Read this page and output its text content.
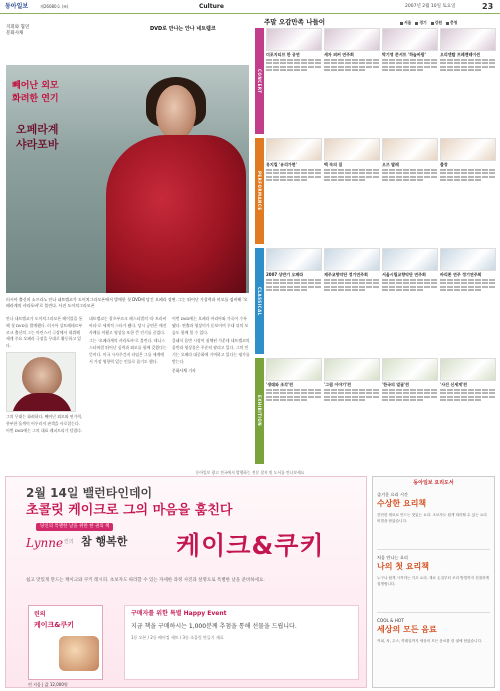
동아일보	제26080호 (④)	Culture	2007년 2월 10일 토요일	23
지휘와 협연
문화사채
DVD로 만나는 안나 네트렙코
빼어난 외모
화려한 연기
오페라계
샤라포바
러시아 출신의 소프라노 안나 네트렙코가 도이치그라모폰에서 발매한 첫 DVD에 담긴 오페라 장면. 그는 뛰어난 가창력과 미모를 겸비해 '오페라계의 샤라포바'로 불린다. 사진 도이치그라모폰

안나 네트렙코가 도이치그라모폰 레이블을 통해 첫 DVD를 발매했다. 러시아 상트페테르부르크 출신의 그는 마린스키 극장에서 데뷔해 세계 주요 오페라 극장을 무대로 활동하고 있다.

그의 무대는 화려하다. 빼어난 외모와 연기력, 풍부한 음색이 어우러져 관객을 사로잡는다. 이번 DVD에는 그의 대표 레퍼토리가 담겼다.

네트렙코는 잘츠부르크 페스티벌의 '라 트라비아타'로 세계적 스타가 됐다. 당시 공연은 매진 사례를 이뤘고 영상물 또한 큰 인기를 끌었다.

그는 '오페라계의 샤라포바'로 불린다. 테니스 스타처럼 뛰어난 실력과 외모를 함께 갖췄다는 뜻이다. 미국 시사주간지 타임은 그를 세계에서 가장 영향력 있는 인물로 꼽기도 했다.

이번 DVD에는 오페라 아리아와 가곡이 수록됐다. 연출과 영상미가 돋보이며 무대 뒤의 모습도 함께 볼 수 있다.

클래식 음반 시장이 침체된 가운데 네트렙코의 음반과 영상물은 꾸준히 팔리고 있다. 그의 인기는 오페라 대중화에 기여하고 있다는 평가를 받는다.

문화사채 기자
주말 오감만족 나들이	서울	경기	강원	충청
CONCERT
더포지티브 한 공연	세자 퍼커 연주회	박기영 콘서트 '하늘바람'	오리엔탈 프레젠테이션
PERFORMANCE
뮤지컬 '유리가면'	백 속의 집	오즈 발레	출장
CLASSICAL
2007 상반기 오페라	제주교향악단 정기연주회	서울시립교향악단 연주회	바리톤 연주 정기연주회
EXHIBITION
'생태와 조각'전	'그림 이야기'전	'한국의 얼굴'전	'사진 신세계'전
동아일보 광고 전국에서 발행하는 전문 잡지 및 도서를 만나보세요
2월 14일 밸런타인데이
초콜릿 케이크로 그의 마음을 훔친다
당신의 특별한 날을 위한 한 권의 책
Lynne 린의 참 행복한 케이크&쿠키
쉽고 맛있게 만드는 케이크와 쿠키 레시피. 초보자도 따라할 수 있는 자세한 과정 사진과 설명으로 특별한 날을 준비하세요.
린의
케이크&쿠키
린 지음 | 값 12,000원
구매자를 위한 특별 Happy Event
지금 책을 구매하시는 1,000분께 추첨을 통해 선물을 드립니다.
1등 오븐 / 2등 베이킹 세트 / 3등 초콜릿 만들기 재료
동아일보 요리도서
즐거운 요리 시간
수상한 요리책
간단한 재료로 만드는 맛있는 요리. 초보자도 쉽게 따라할 수 있는 요리 비법을 담았습니다.
처음 만나는 요리
나의 첫 요리책
누구나 쉽게 시작하는 기초 요리. 재료 손질부터 조리 방법까지 친절하게 설명합니다.
COOL & HOT
세상의 모든 음료
커피, 차, 주스, 칵테일까지 세상의 모든 음료를 한 권에 담았습니다.
